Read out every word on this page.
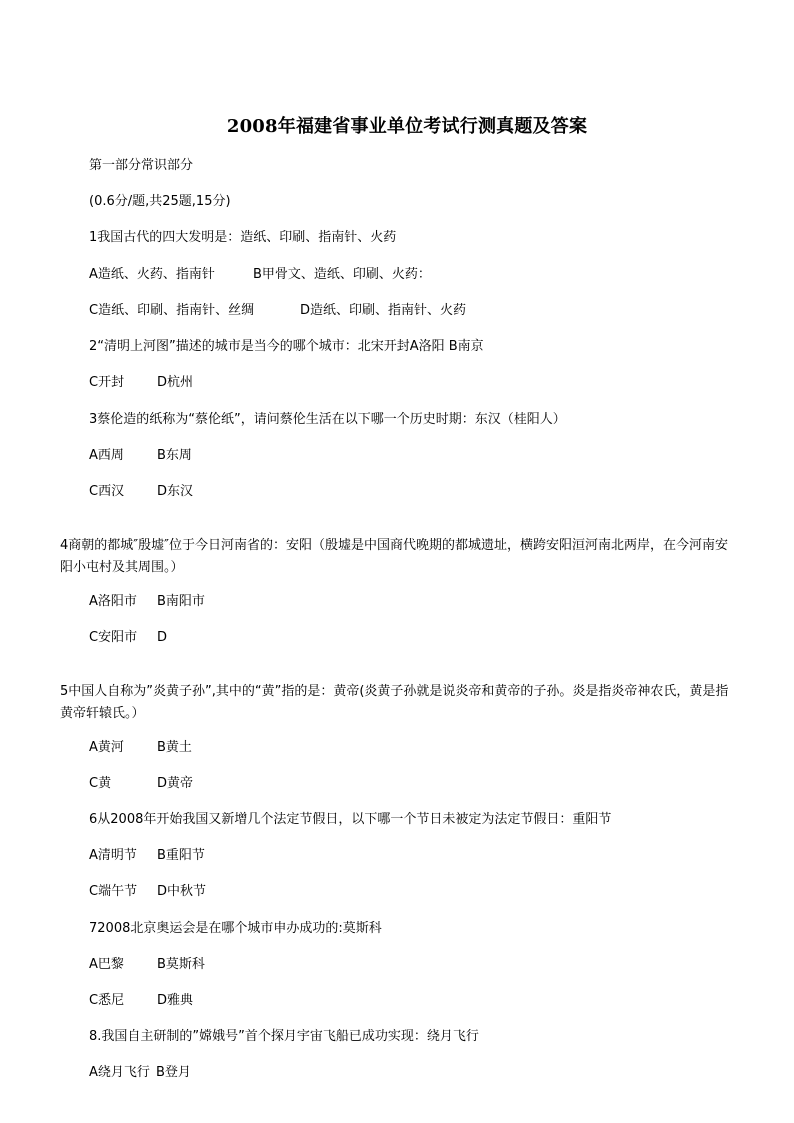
2008年福建省事业单位考试行测真题及答案
第一部分常识部分
(0.6分/题,共25题,15分)
1我国古代的四大发明是：造纸、印刷、指南针、火药
A造纸、火药、指南针	B甲骨文、造纸、印刷、火药：
C造纸、印刷、指南针、丝绸	D造纸、印刷、指南针、火药
2“清明上河图”描述的城市是当今的哪个城市：北宋开封A洛阳 B南京
C开封	D杭州
3蔡伦造的纸称为“蔡伦纸”，请问蔡伦生活在以下哪一个历史时期：东汉（桂阳人）
A西周	B东周
C西汉	D东汉
4商朝的都城″殷墟″位于今日河南省的：安阳（殷墟是中国商代晚期的都城遗址，横跨安阳洹河南北两岸，在今河南安阳小屯村及其周围。）
A洛阳市 B南阳市
C安阳市 D
5中国人自称为”炎黄子孙”,其中的“黄”指的是：黄帝(炎黄子孙就是说炎帝和黄帝的子孙。炎是指炎帝神农氏，黄是指黄帝轩辕氏。）
A黄河	B黄土
C黄	D黄帝
6从2008年开始我国又新增几个法定节假日，以下哪一个节日未被定为法定节假日：重阳节
A清明节 B重阳节
C端午节 D中秋节
72008北京奥运会是在哪个城市申办成功的:莫斯科
A巴黎	B莫斯科
C悉尼	D雅典
8.我国自主研制的”嫦娥号”首个探月宇宙飞船已成功实现：绕月飞行
A绕月飞行 B登月
